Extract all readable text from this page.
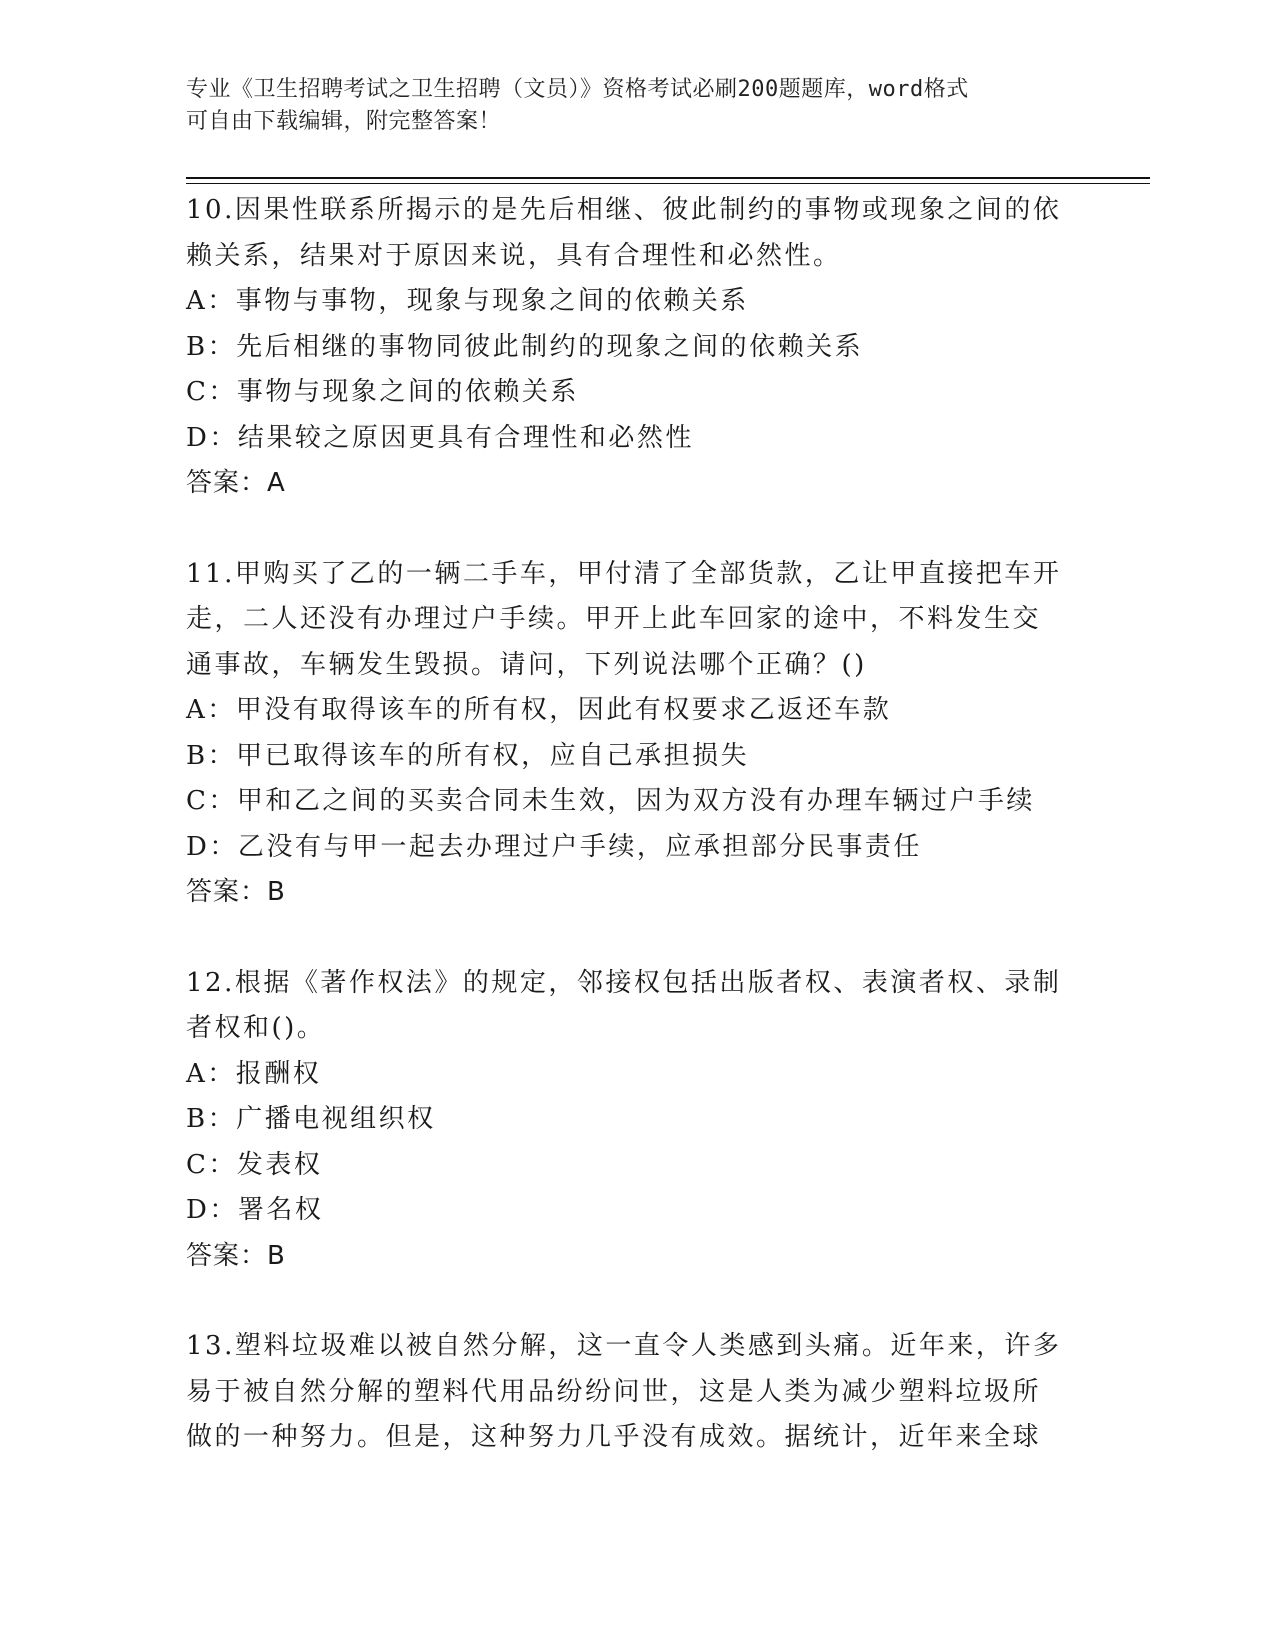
专业《卫生招聘考试之卫生招聘（文员）》资格考试必刷200题题库，word格式
可自由下载编辑，附完整答案！
10.因果性联系所揭示的是先后相继、彼此制约的事物或现象之间的依
赖关系，结果对于原因来说，具有合理性和必然性。
A：事物与事物，现象与现象之间的依赖关系
B：先后相继的事物同彼此制约的现象之间的依赖关系
C：事物与现象之间的依赖关系
D：结果较之原因更具有合理性和必然性
答案：A
11.甲购买了乙的一辆二手车，甲付清了全部货款，乙让甲直接把车开
走，二人还没有办理过户手续。甲开上此车回家的途中，不料发生交
通事故，车辆发生毁损。请问，下列说法哪个正确？()
A：甲没有取得该车的所有权，因此有权要求乙返还车款
B：甲已取得该车的所有权，应自己承担损失
C：甲和乙之间的买卖合同未生效，因为双方没有办理车辆过户手续
D：乙没有与甲一起去办理过户手续，应承担部分民事责任
答案：B
12.根据《著作权法》的规定，邻接权包括出版者权、表演者权、录制
者权和()。
A：报酬权
B：广播电视组织权
C：发表权
D：署名权
答案：B
13.塑料垃圾难以被自然分解，这一直令人类感到头痛。近年来，许多
易于被自然分解的塑料代用品纷纷问世，这是人类为减少塑料垃圾所
做的一种努力。但是，这种努力几乎没有成效。据统计，近年来全球
